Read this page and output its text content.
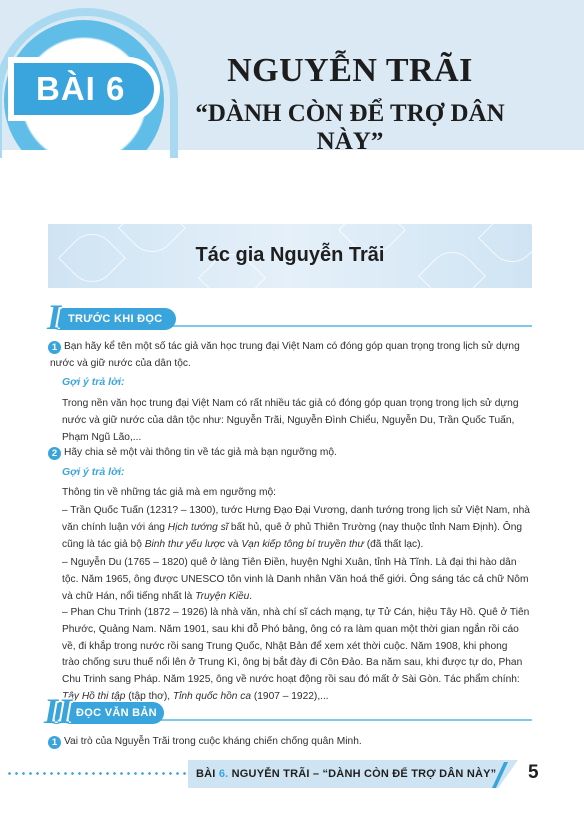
BÀI 6	NGUYỄN TRÃI
“DÀNH CÒN ĐỂ TRỢ DÂN NÀY”
Tác gia Nguyễn Trãi
I TRƯỚC KHI ĐỌC
1 Bạn hãy kể tên một số tác giả văn học trung đại Việt Nam có đóng góp quan trọng trong lịch sử dựng
nước và giữ nước của dân tộc.
Gợi ý trả lời:
Trong nền văn học trung đại Việt Nam có rất nhiều tác giả có đóng góp quan trọng trong lịch sử dựng
nước và giữ nước của dân tộc như: Nguyễn Trãi, Nguyễn Đình Chiểu, Nguyễn Du, Trần Quốc Tuấn,
Phạm Ngũ Lão,...
2 Hãy chia sẻ một vài thông tin về tác giả mà bạn ngưỡng mộ.
Gợi ý trả lời:
Thông tin về những tác giả mà em ngưỡng mộ:
– Trần Quốc Tuấn (1231? – 1300), tước Hưng Đạo Đại Vương, danh tướng trong lịch sử Việt Nam, nhà
văn chính luận với áng Hịch tướng sĩ bất hủ, quê ở phủ Thiên Trường (nay thuộc tỉnh Nam Định). Ông
cũng là tác giả bộ Binh thư yếu lược và Vạn kiếp tông bí truyền thư (đã thất lạc).
– Nguyễn Du (1765 – 1820) quê ở làng Tiên Điền, huyện Nghi Xuân, tỉnh Hà Tĩnh. Là đại thi hào dân
tộc. Năm 1965, ông được UNESCO tôn vinh là Danh nhân Văn hoá thế giới. Ông sáng tác cả chữ Nôm
và chữ Hán, nổi tiếng nhất là Truyện Kiều.
– Phan Chu Trinh (1872 – 1926) là nhà văn, nhà chí sĩ cách mạng, tự Tử Cán, hiệu Tây Hồ. Quê ở Tiên
Phước, Quảng Nam. Năm 1901, sau khi đỗ Phó bảng, ông có ra làm quan một thời gian ngắn rồi cáo
về, đi khắp trong nước rồi sang Trung Quốc, Nhật Bản để xem xét thời cuộc. Năm 1908, khi phong
trào chống sưu thuế nổi lên ở Trung Kì, ông bị bắt đày đi Côn Đảo. Ba năm sau, khi được tự do, Phan
Chu Trinh sang Pháp. Năm 1925, ông về nước hoạt động rồi sau đó mất ở Sài Gòn. Tác phẩm chính:
Tây Hồ thi tập (tập thơ), Tỉnh quốc hồn ca (1907 – 1922),...
II ĐỌC VĂN BẢN
1 Vai trò của Nguyễn Trãi trong cuộc kháng chiến chống quân Minh.
BÀI 6. NGUYỄN TRÃI – “DÀNH CÒN ĐỂ TRỢ DÂN NÀY” 5
